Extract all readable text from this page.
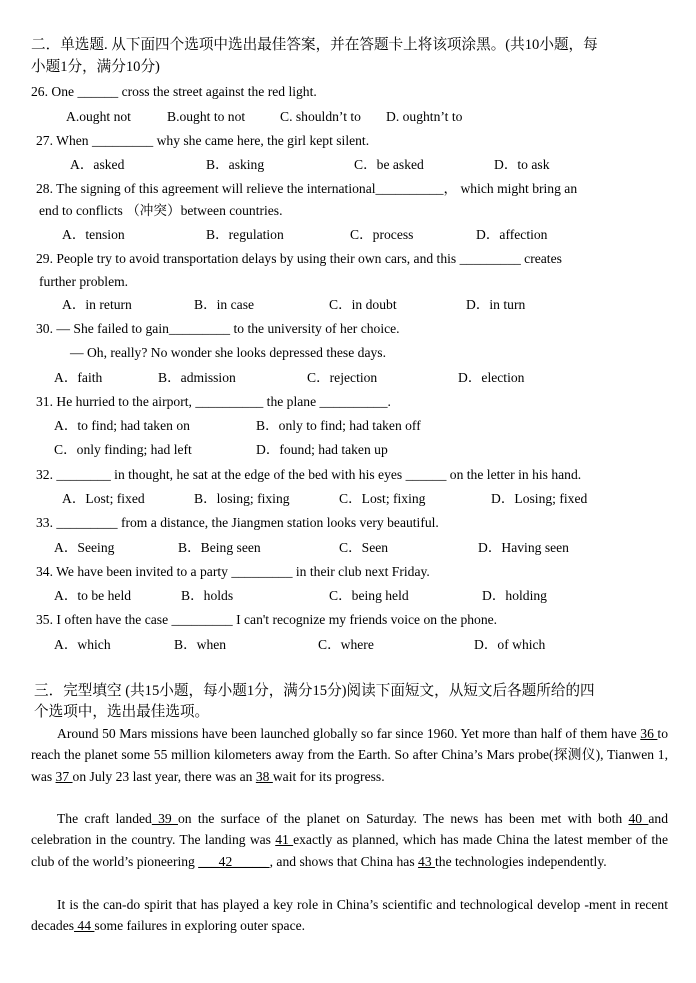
二．单选题. 从下面四个选项中选出最佳答案，并在答题卡上将该项涂黑。(共10小题，每
小题1分，满分10分)
26. One ______ cross the street against the red light.
A.ought not	B.ought to not	C. shouldn’t to D. oughtn’t to
27. When _________ why she came here, the girl kept silent.
A．asked	B．asking	C．be asked	D．to ask
28. The signing of this agreement will relieve the international__________， which might bring an
end to conflicts （冲突）between countries.
A．tension	B．regulation	C．process	D．affection
29. People try to avoid transportation delays by using their own cars, and this _________ creates
further problem.
A．in return	B．in case	C．in doubt	D．in turn
30. — She failed to gain_________ to the university of her choice.
— Oh, really? No wonder she looks depressed these days.
A．faith	B．admission	C．rejection	D．election
31. He hurried to the airport, __________ the plane __________.
A．to find; had taken on	B．only to find; had taken off
C．only finding; had left	D．found; had taken up
32. ________ in thought, he sat at the edge of the bed with his eyes ______ on the letter in his hand.
A．Lost; fixed	B．losing; fixing	C．Lost; fixing	D．Losing; fixed
33. _________ from a distance, the Jiangmen station looks very beautiful.
A．Seeing	B．Being seen	C．Seen	D．Having seen
34. We have been invited to a party _________ in their club next Friday.
A．to be held	B．holds	C．being held	D．holding
35. I often have the case _________ I can't recognize my friends voice on the phone.
A．which	B．when	C．where	D．of which
三．完型填空 (共15小题，每小题1分，满分15分)阅读下面短文，从短文后各题所给的四
个选项中，选出最佳选项。
Around 50 Mars missions have been launched globally so far since 1960. Yet more than half of them have 36 to reach the planet some 55 million kilometers away from the Earth. So after China’s Mars probe(探测仪), Tianwen 1, was 37 on July 23 last year, there was an 38 wait for its progress.
The craft landed 39 on the surface of the planet on Saturday. The news has been met with both 40 and celebration in the country. The landing was 41 exactly as planned, which has made China the latest member of the club of the world’s pioneering ___42_____ , and shows that China has 43 the technologies independently.
It is the can-do spirit that has played a key role in China’s scientific and technological develop -ment in recent decades 44 some failures in exploring outer space.
